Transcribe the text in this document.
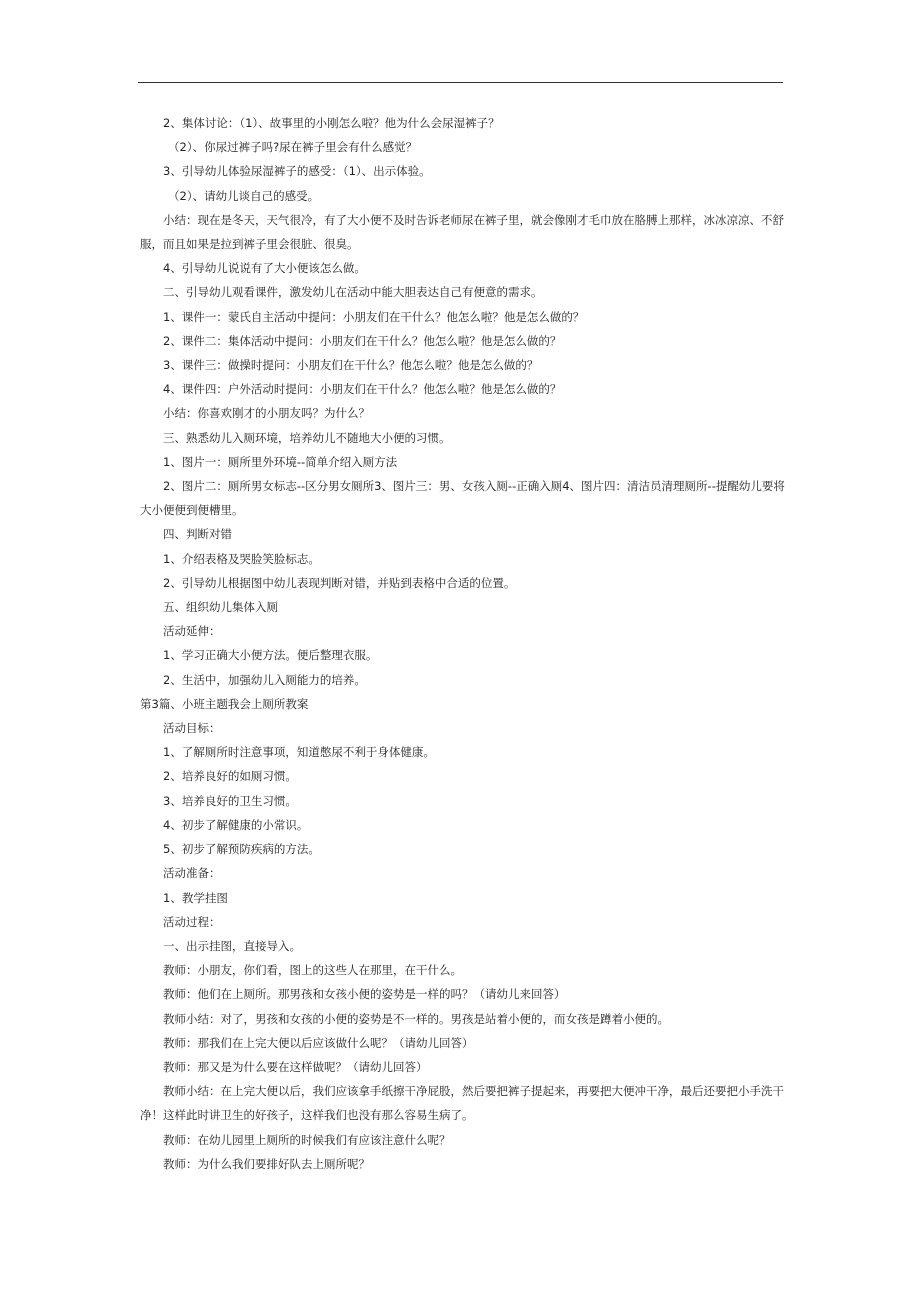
2、集体讨论：（1）、故事里的小刚怎么啦？他为什么会尿湿裤子？

（2）、你尿过裤子吗?尿在裤子里会有什么感觉？

3、引导幼儿体验尿湿裤子的感受：（1）、出示体验。

（2）、请幼儿谈自己的感受。

小结：现在是冬天，天气很冷，有了大小便不及时告诉老师尿在裤子里，就会像刚才毛巾放在胳膊上那样，冰冰凉凉、不舒服，而且如果是拉到裤子里会很脏、很臭。

4、引导幼儿说说有了大小便该怎么做。

二、引导幼儿观看课件，激发幼儿在活动中能大胆表达自己有便意的需求。

1、课件一：蒙氏自主活动中提问：小朋友们在干什么？他怎么啦？他是怎么做的？

2、课件二：集体活动中提问：小朋友们在干什么？他怎么啦？他是怎么做的？

3、课件三：做操时提问：小朋友们在干什么？他怎么啦？他是怎么做的？

4、课件四：户外活动时提问：小朋友们在干什么？他怎么啦？他是怎么做的？

小结：你喜欢刚才的小朋友吗？为什么？

三、熟悉幼儿入厕环境，培养幼儿不随地大小便的习惯。

1、图片一：厕所里外环境--简单介绍入厕方法

2、图片二：厕所男女标志--区分男女厕所3、图片三：男、女孩入厕--正确入厕4、图片四：清洁员清理厕所--提醒幼儿要将大小便便到便槽里。

四、判断对错

1、介绍表格及哭脸笑脸标志。

2、引导幼儿根据图中幼儿表现判断对错，并贴到表格中合适的位置。

五、组织幼儿集体入厕

活动延伸：

1、学习正确大小便方法。便后整理衣服。

2、生活中，加强幼儿入厕能力的培养。

第3篇、小班主题我会上厕所教案

活动目标：

1、了解厕所时注意事项，知道憋尿不利于身体健康。

2、培养良好的如厕习惯。

3、培养良好的卫生习惯。

4、初步了解健康的小常识。

5、初步了解预防疾病的方法。

活动准备：

1、教学挂图

活动过程：

一、出示挂图，直接导入。

教师：小朋友，你们看，图上的这些人在那里，在干什么。

教师：他们在上厕所。那男孩和女孩小便的姿势是一样的吗？（请幼儿来回答）

教师小结：对了，男孩和女孩的小便的姿势是不一样的。男孩是站着小便的，而女孩是蹲着小便的。

教师：那我们在上完大便以后应该做什么呢？（请幼儿回答）

教师：那又是为什么要在这样做呢？（请幼儿回答）

教师小结：在上完大便以后，我们应该拿手纸擦干净屁股，然后要把裤子提起来，再要把大便冲干净，最后还要把小手洗干净！这样此时讲卫生的好孩子，这样我们也没有那么容易生病了。

教师：在幼儿园里上厕所的时候我们有应该注意什么呢？

教师：为什么我们要排好队去上厕所呢？
